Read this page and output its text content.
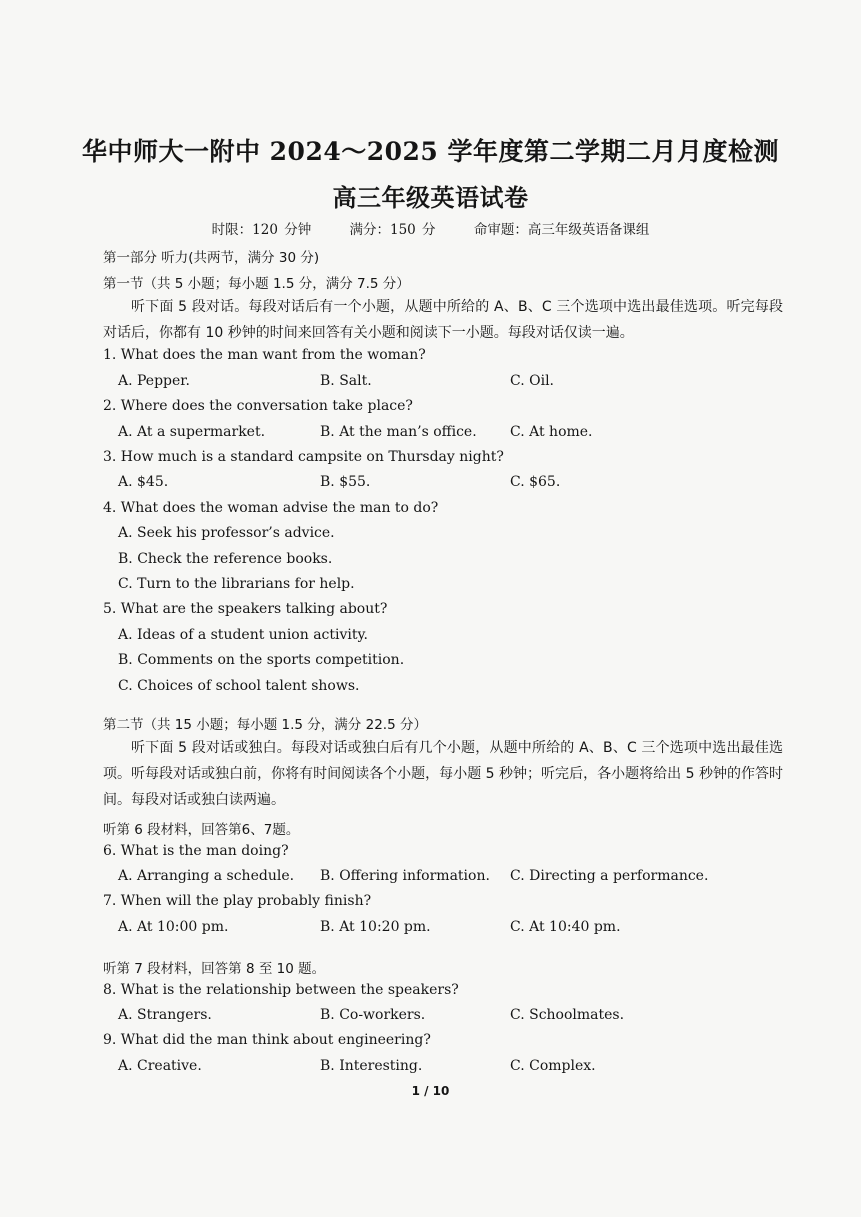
华中师大一附中 2024～2025 学年度第二学期二月月度检测
高三年级英语试卷
时限：120 分钟	满分：150 分	命审题：高三年级英语备课组
第一部分 听力(共两节，满分 30 分)
第一节（共 5 小题；每小题 1.5 分，满分 7.5 分）
听下面 5 段对话。每段对话后有一个小题，从题中所给的 A、B、C 三个选项中选出最佳选项。听完每段对话后，你都有 10 秒钟的时间来回答有关小题和阅读下一小题。每段对话仅读一遍。
1. What does the man want from the woman?
A. Pepper.	B. Salt.	C. Oil.
2. Where does the conversation take place?
A. At a supermarket.	B. At the man’s office. C. At home.
3. How much is a standard campsite on Thursday night?
A. $45.	B. $55.	C. $65.
4. What does the woman advise the man to do?
A. Seek his professor’s advice.
B. Check the reference books.
C. Turn to the librarians for help.
5. What are the speakers talking about?
A. Ideas of a student union activity.
B. Comments on the sports competition.
C. Choices of school talent shows.
第二节（共 15 小题；每小题 1.5 分，满分 22.5 分）
听下面 5 段对话或独白。每段对话或独白后有几个小题，从题中所给的 A、B、C 三个选项中选出最佳选项。听每段对话或独白前，你将有时间阅读各个小题，每小题 5 秒钟；听完后，各小题将给出 5 秒钟的作答时间。每段对话或独白读两遍。
听第 6 段材料，回答第6、7题。
6. What is the man doing?
A. Arranging a schedule. B. Offering information. C. Directing a performance.
7. When will the play probably finish?
A. At 10:00 pm.	B. At 10:20 pm.	C. At 10:40 pm.
听第 7 段材料，回答第 8 至 10 题。
8. What is the relationship between the speakers?
A. Strangers.	B. Co-workers.	C. Schoolmates.
9. What did the man think about engineering?
A. Creative.	B. Interesting.	C. Complex.
1 / 10
